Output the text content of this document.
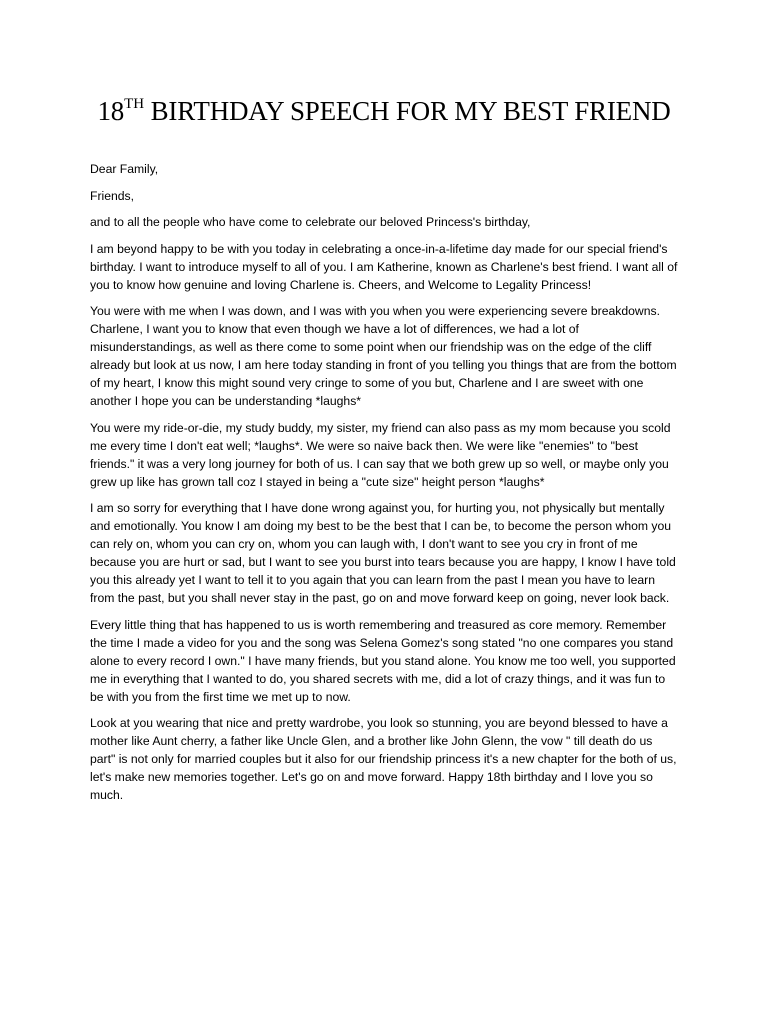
18TH BIRTHDAY SPEECH FOR MY BEST FRIEND

Dear Family,

Friends,

and to all the people who have come to celebrate our beloved Princess's birthday,

I am beyond happy to be with you today in celebrating a once-in-a-lifetime day made for our special friend's birthday. I want to introduce myself to all of you. I am Katherine, known as Charlene's best friend. I want all of you to know how genuine and loving Charlene is. Cheers, and Welcome to Legality Princess!

You were with me when I was down, and I was with you when you were experiencing severe breakdowns. Charlene, I want you to know that even though we have a lot of differences, we had a lot of misunderstandings, as well as there come to some point when our friendship was on the edge of the cliff already but look at us now, I am here today standing in front of you telling you things that are from the bottom of my heart, I know this might sound very cringe to some of you but, Charlene and I are sweet with one another I hope you can be understanding *laughs*

You were my ride-or-die, my study buddy, my sister, my friend can also pass as my mom because you scold me every time I don't eat well; *laughs*. We were so naive back then. We were like "enemies" to "best friends." it was a very long journey for both of us. I can say that we both grew up so well, or maybe only you grew up like has grown tall coz I stayed in being a "cute size" height person *laughs*

I am so sorry for everything that I have done wrong against you, for hurting you, not physically but mentally and emotionally. You know I am doing my best to be the best that I can be, to become the person whom you can rely on, whom you can cry on, whom you can laugh with, I don't want to see you cry in front of me because you are hurt or sad, but I want to see you burst into tears because you are happy, I know I have told you this already yet I want to tell it to you again that you can learn from the past I mean you have to learn from the past, but you shall never stay in the past, go on and move forward keep on going, never look back.

Every little thing that has happened to us is worth remembering and treasured as core memory. Remember the time I made a video for you and the song was Selena Gomez's song stated "no one compares you stand alone to every record I own." I have many friends, but you stand alone. You know me too well, you supported me in everything that I wanted to do, you shared secrets with me, did a lot of crazy things, and it was fun to be with you from the first time we met up to now.

Look at you wearing that nice and pretty wardrobe, you look so stunning, you are beyond blessed to have a mother like Aunt cherry, a father like Uncle Glen, and a brother like John Glenn, the vow " till death do us part" is not only for married couples but it also for our friendship princess it's a new chapter for the both of us, let's make new memories together. Let's go on and move forward. Happy 18th birthday and I love you so much.
